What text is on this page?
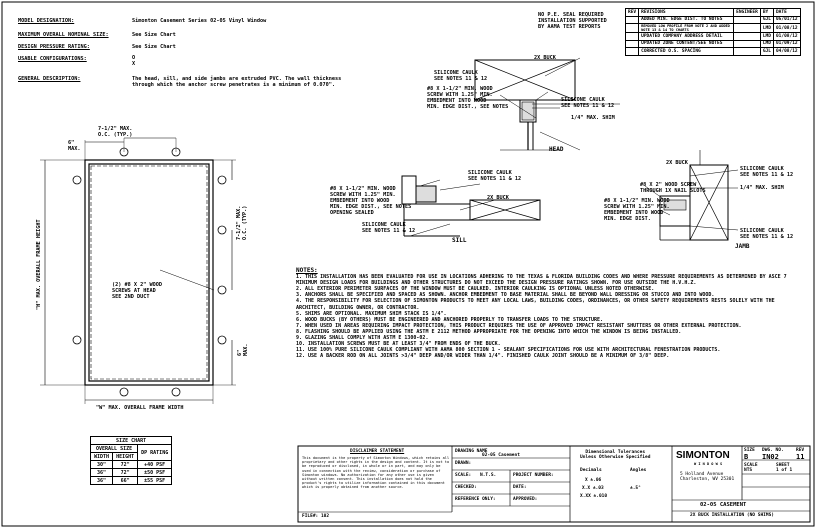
MODEL DESIGNATION:	Simonton Casement Series 02-05 Vinyl Window
MAXIMUM OVERALL NOMINAL SIZE:	See Size Chart
DESIGN PRESSURE RATING:	See Size Chart
USABLE CONFIGURATIONS:	O
X
GENERAL DESCRIPTION:	The head, sill, and side jambs are extruded PVC. The wall thickness through which the anchor screw penetrates is a minimum of 0.070".
NO P.E. SEAL REQUIRED
INSTALLATION SUPPORTED
BY AAMA TEST REPORTS
REV	REVISIONS	ENGINEER	BY	DATE
	ADDED MIN. EDGE DIST. TO NOTES		GJL	05/01/12
	REMOVED LOW PROFILE FROM NOTE 2 AND ADDED NOTE 13 & 14 TO CHARTS		LMD	01/08/12
	UPDATED COMPANY ADDRESS DETAIL		LMD	01/08/12
	UPDATED ZONE CONTENT/SEE NOTES		LMD	01/09/12
	CORRECTED O.S. SPACING		GJL	04/08/12
7-1/2" MAX.
O.C. (TYP.)
6"
MAX.
7-1/2" MAX.
O.C. (TYP.)
6"
MAX.
"H" MAX. OVERALL FRAME HEIGHT
"W" MAX. OVERALL FRAME WIDTH
(2) #8 X 2" WOOD
SCREWS AT HEAD
SEE 2ND DUCT
HEAD
SILICONE CAULK
SEE NOTES 11 & 12
2X BUCK
#8 X 1-1/2" MIN. WOOD
SCREW WITH 1.25" MIN.
EMBEDMENT INTO WOOD
MIN. EDGE DIST., SEE NOTES
SILICONE CAULK
SEE NOTES 11 & 12
1/4" MAX. SHIM
SILL
SILICONE CAULK
SEE NOTES 11 & 12
#8 X 1-1/2" MIN. WOOD
SCREW WITH 1.25" MIN.
EMBEDMENT INTO WOOD
MIN. EDGE DIST., SEE NOTES
OPENING SEALED
2X BUCK
SILICONE CAULK
SEE NOTES 11 & 12
JAMB
2X BUCK
SILICONE CAULK
SEE NOTES 11 & 12
#8 X 2" WOOD SCREW
THROUGH 1X NAIL SLOTS	1/4" MAX. SHIM
#8 X 1-1/2" MIN. WOOD
SCREW WITH 1.25" MIN.
EMBEDMENT INTO WOOD
MIN. EDGE DIST.
SILICONE CAULK
SEE NOTES 11 & 12
NOTES:
1. THIS INSTALLATION HAS BEEN EVALUATED FOR USE IN LOCATIONS ADHERING TO THE TEXAS & FLORIDA BUILDING CODES AND WHERE PRESSURE REQUIREMENTS AS DETERMINED BY ASCE 7 MINIMUM DESIGN LOADS FOR BUILDINGS AND OTHER STRUCTURES DO NOT EXCEED THE DESIGN PRESSURE RATINGS SHOWN. FOR USE OUTSIDE THE H.V.H.Z.
2. ALL EXTERIOR PERIMETER SURFACES OF THE WINDOW MUST BE CAULKED. INTERIOR CAULKING IS OPTIONAL UNLESS NOTED OTHERWISE.
3. ANCHORS SHALL BE SPECIFIED AND SPACED AS SHOWN. ANCHOR EMBEDMENT TO BASE MATERIAL SHALL BE BEYOND WALL DRESSING OR STUCCO AND INTO WOOD.
4. THE RESPONSIBILITY FOR SELECTION OF SIMONTON PRODUCTS TO MEET ANY LOCAL LAWS, BUILDING CODES, ORDINANCES, OR OTHER SAFETY REQUIREMENTS RESTS SOLELY WITH THE ARCHITECT, BUILDING OWNER, OR CONTRACTOR.
5. SHIMS ARE OPTIONAL. MAXIMUM SHIM STACK IS 1/4".
6. WOOD BUCKS (BY OTHERS) MUST BE ENGINEERED AND ANCHORED PROPERLY TO TRANSFER LOADS TO THE STRUCTURE.
7. WHEN USED IN AREAS REQUIRING IMPACT PROTECTION, THIS PRODUCT REQUIRES THE USE OF APPROVED IMPACT RESISTANT SHUTTERS OR OTHER EXTERNAL PROTECTION.
8. FLASHING SHOULD BE APPLIED USING THE ASTM E 2112 METHOD APPROPRIATE FOR THE OPENING INTO WHICH THE WINDOW IS BEING INSTALLED.
9. GLAZING SHALL COMPLY WITH ASTM E 1300-02.
10. INSTALLATION SCREWS MUST BE AT LEAST 3/4" FROM ENDS OF THE BUCK.
11. USE 100% PURE SILICONE CAULK COMPLIANT WITH AAMA 800 SECTION 1 - SEALANT SPECIFICATIONS FOR USE WITH ARCHITECTURAL FENESTRATION PRODUCTS.
12. USE A BACKER ROD ON ALL JOINTS >3/4" DEEP AND/OR WIDER THAN 1/4". FINISHED CAULK JOINT SHOULD BE A MINIMUM OF 3/8" DEEP.
SIZE CHART		
OVERALL SIZE		DP RATING
WIDTH	HEIGHT	
30"	72"	+40 PSF
36"	72"	±50 PSF
36"	66"	±55 PSF
DISCLAIMER STATEMENT
This document is the property of Simonton Windows, which retains all proprietary and other rights in the design and content. It is not to be reproduced or disclosed, in whole or in part, and may only be used in connection with the review, consideration or purchase of Simonton windows. No authorization for any other use is given without written consent. This installation does not hold the product's rights to utilize information contained in this document which is properly obtained from another source.
FILE#: 102
DRAWING NAME
02-05 Casement
DRAWN:
SCALE: N.T.S.	PROJECT NUMBER:
CHECKED:	DATE:
REFERENCE ONLY:	APPROVED:
Dimensional Tolerances
Unless Otherwise Specified
Decimals	Angles
X ±.06
±.5°
X.X ±.03
X.XX ±.010
SIMONTON
W I N D O W S
5 Holland Avenue
Charleston, WV 25301
SIZE
B
DWG. NO.
IN02
REV
11
SCALE
NTS
SHEET
1 of 1
02-05 CASEMENT
2X BUCK INSTALLATION (NO SHIMS)
